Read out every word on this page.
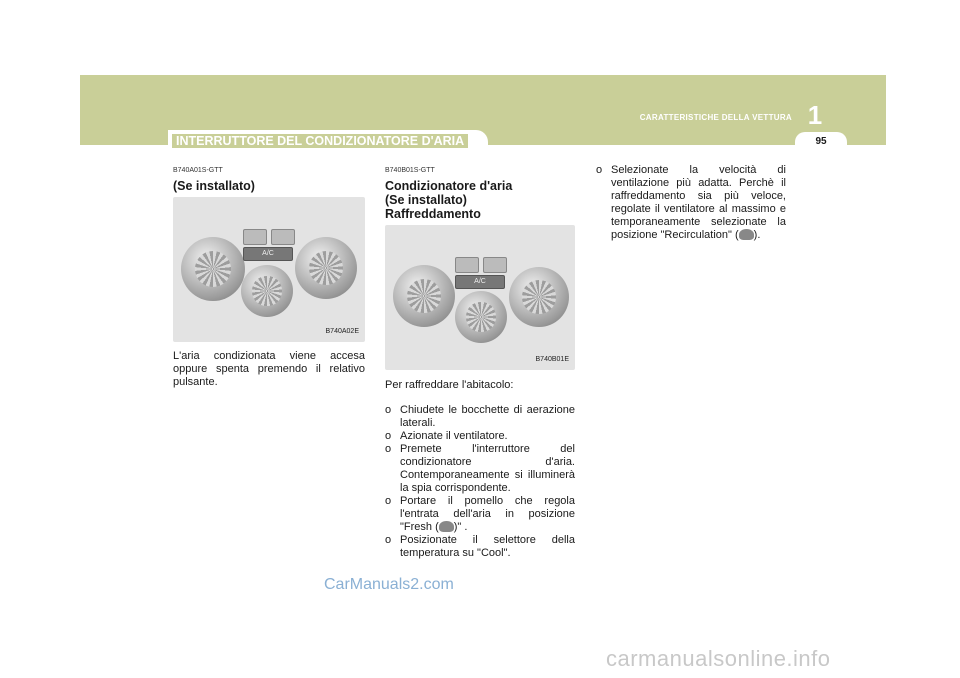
1
CARATTERISTICHE DELLA VETTURA
95
INTERRUTTORE DEL CONDIZIONATORE D'ARIA
B740A01S-GTT
(Se installato)
A/C
B740A02E

L'aria condizionata viene accesa oppure spenta premendo il relativo pulsante.

B740B01S-GTT
Condizionatore d'aria
(Se installato)
Raffreddamento
A/C
B740B01E

Per raffreddare l'abitacolo:

o Chiudete le bocchette di aerazione laterali.
o Azionate il ventilatore.
o Premete l'interruttore del condizionatore d'aria. Contemporaneamente si illuminerà la spia corrispondente.
o Portare il pomello che regola l'entrata dell'aria in posizione "Fresh ( )" .
o Posizionate il selettore della temperatura su "Cool".
o Selezionate la velocità di ventilazione più adatta. Perchè il raffreddamento sia più veloce, regolate il ventilatore al massimo e temporaneamente selezionate la posizione "Recirculation" ( ).
CarManuals2.com
carmanualsonline.info
